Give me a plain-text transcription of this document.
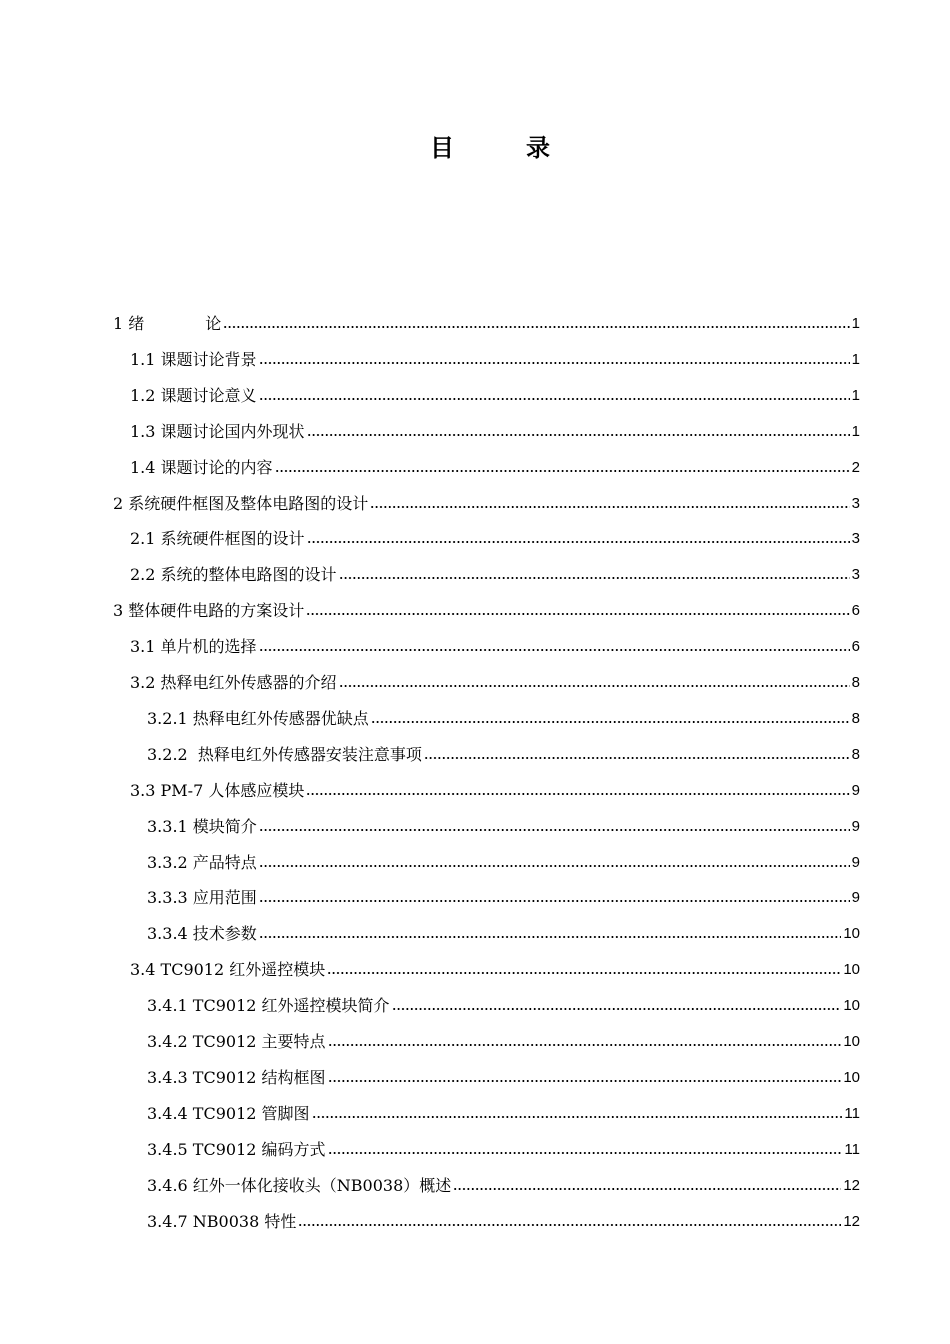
目	录
1 绪            论	1
1.1 课题讨论背景	1
1.2 课题讨论意义	1
1.3 课题讨论国内外现状	1
1.4 课题讨论的内容	2
2 系统硬件框图及整体电路图的设计	3
2.1 系统硬件框图的设计	3
2.2 系统的整体电路图的设计	3
3 整体硬件电路的方案设计	6
3.1 单片机的选择	6
3.2 热释电红外传感器的介绍	8
3.2.1 热释电红外传感器优缺点	8
3.2.2  热释电红外传感器安装注意事项	8
3.3 PM-7 人体感应模块	9
3.3.1 模块简介	9
3.3.2 产品特点	9
3.3.3 应用范围	9
3.3.4 技术参数	10
3.4 TC9012 红外遥控模块	10
3.4.1 TC9012 红外遥控模块简介	10
3.4.2 TC9012 主要特点	10
3.4.3 TC9012 结构框图	10
3.4.4 TC9012 管脚图	11
3.4.5 TC9012 编码方式	11
3.4.6 红外一体化接收头（NB0038）概述	12
3.4.7 NB0038 特性	12
